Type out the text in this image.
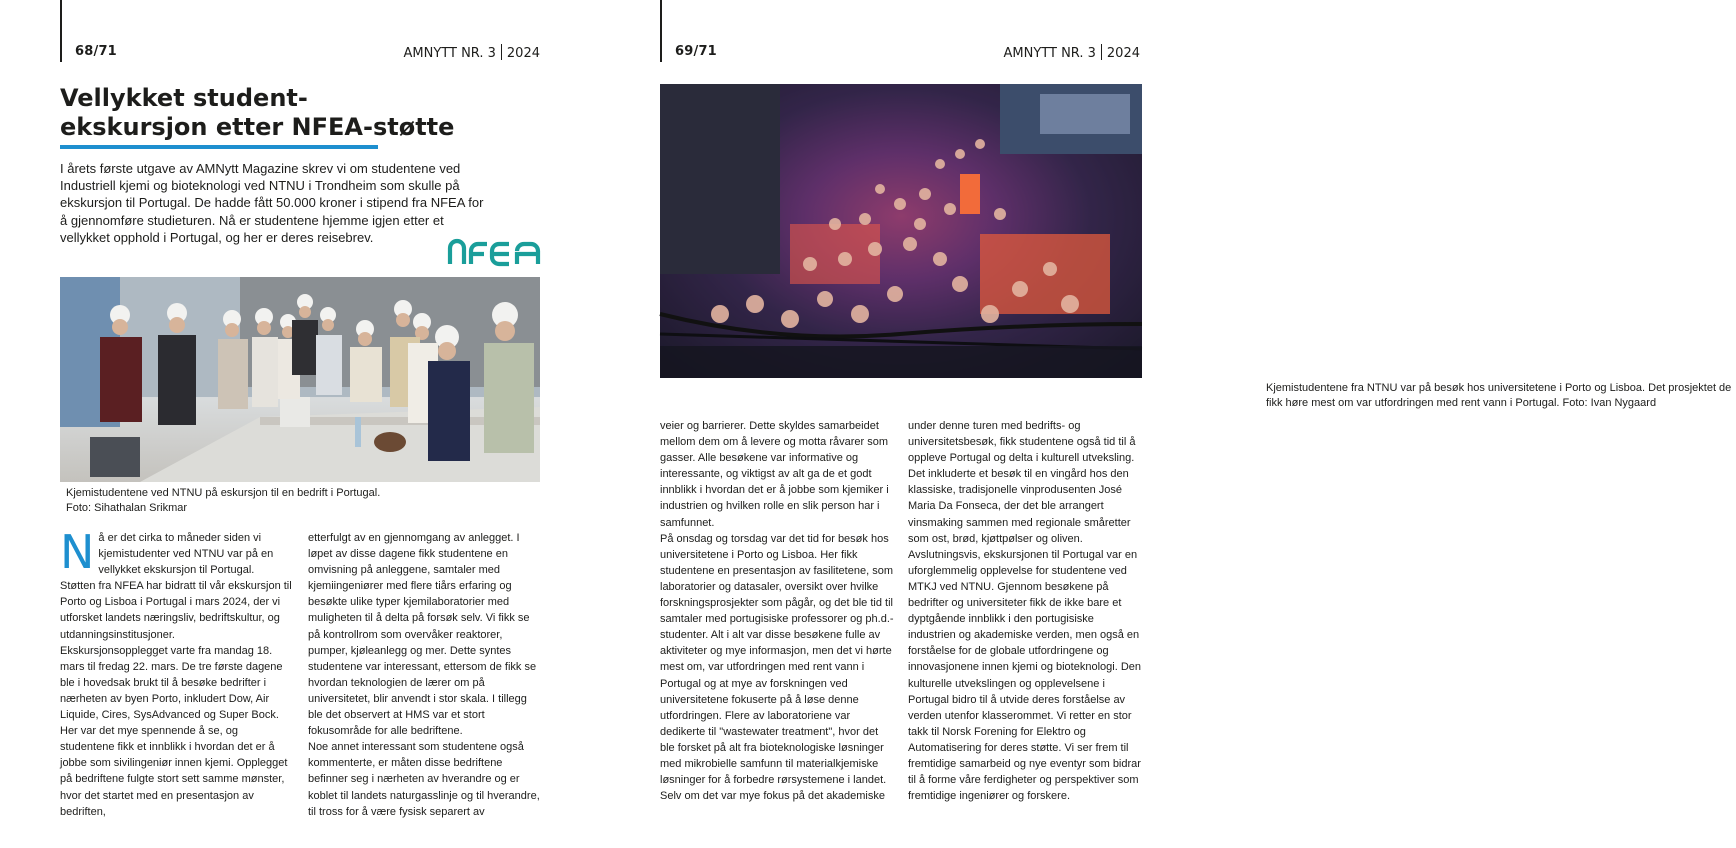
68/71	AMNYTT NR. 3 2024
Vellykket student-
ekskursjon etter NFEA-støtte

I årets første utgave av AMNytt Magazine skrev vi om studentene ved Industriell kjemi og bioteknologi ved NTNU i Trondheim som skulle på ekskursjon til Portugal. De hadde fått 50.000 kroner i stipend fra NFEA for å gjennomføre studieturen. Nå er studentene hjemme igjen etter et vellykket opphold i Portugal, og her er deres reisebrev.

Kjemistudentene ved NTNU på eskursjon til en bedrift i Portugal.
Foto: Sihathalan Srikmar

Nå er det cirka to måneder siden vi kjemistudenter ved NTNU var på en vellykket ekskursjon til Portugal. Støtten fra NFEA har bidratt til vår ekskursjon til Porto og Lisboa i Portugal i mars 2024, der vi utforsket landets næringsliv, bedriftskultur, og utdanningsinstitusjoner.

Ekskursjonsopplegget varte fra mandag 18. mars til fredag 22. mars. De tre første dagene ble i hovedsak brukt til å besøke bedrifter i nærheten av byen Porto, inkludert Dow, Air Liquide, Cires, SysAdvanced og Super Bock. Her var det mye spennende å se, og studentene fikk et innblikk i hvordan det er å jobbe som sivilingeniør innen kjemi. Opplegget på bedriftene fulgte stort sett samme mønster, hvor det startet med en presentasjon av bedriften,

etterfulgt av en gjennomgang av anlegget. I løpet av disse dagene fikk studentene en omvisning på anleggene, samtaler med kjemiingeniører med flere tiårs erfaring og besøkte ulike typer kjemilaboratorier med muligheten til å delta på forsøk selv. Vi fikk se på kontrollrom som overvåker reaktorer, pumper, kjøleanlegg og mer. Dette syntes studentene var interessant, ettersom de fikk se hvordan teknologien de lærer om på universitetet, blir anvendt i stor skala. I tillegg ble det observert at HMS var et stort fokusområde for alle bedriftene.

Noe annet interessant som studentene også kommenterte, er måten disse bedriftene befinner seg i nærheten av hverandre og er koblet til landets naturgasslinje og til hverandre, til tross for å være fysisk separert av

69/71	AMNYTT NR. 3 2024

Kjemistudentene fra NTNU var på besøk hos universitetene i Porto og Lisboa. Det prosjektet de fikk høre mest om var utfordringen med rent vann i Portugal. Foto: Ivan Nygaard

veier og barrierer. Dette skyldes samarbeidet mellom dem om å levere og motta råvarer som gasser. Alle besøkene var informative og interessante, og viktigst av alt ga de et godt innblikk i hvordan det er å jobbe som kjemiker i industrien og hvilken rolle en slik person har i samfunnet.

På onsdag og torsdag var det tid for besøk hos universitetene i Porto og Lisboa. Her fikk studentene en presentasjon av fasilitetene, som laboratorier og datasaler, oversikt over hvilke forskningsprosjekter som pågår, og det ble tid til samtaler med portugisiske professorer og ph.d.-studenter. Alt i alt var disse besøkene fulle av aktiviteter og mye informasjon, men det vi hørte mest om, var utfordringen med rent vann i Portugal og at mye av forskningen ved universitetene fokuserte på å løse denne utfordringen. Flere av laboratoriene var dedikerte til "wastewater treatment", hvor det ble forsket på alt fra bioteknologiske løsninger med mikrobielle samfunn til materialkjemiske løsninger for å forbedre rørsystemene i landet.

Selv om det var mye fokus på det akademiske

under denne turen med bedrifts- og universitetsbesøk, fikk studentene også tid til å oppleve Portugal og delta i kulturell utveksling. Det inkluderte et besøk til en vingård hos den klassiske, tradisjonelle vinprodusenten José Maria Da Fonseca, der det ble arrangert vinsmaking sammen med regionale småretter som ost, brød, kjøttpølser og oliven.

Avslutningsvis, ekskursjonen til Portugal var en uforglemmelig opplevelse for studentene ved MTKJ ved NTNU. Gjennom besøkene på bedrifter og universiteter fikk de ikke bare et dyptgående innblikk i den portugisiske industrien og akademiske verden, men også en forståelse for de globale utfordringene og innovasjonene innen kjemi og bioteknologi. Den kulturelle utvekslingen og opplevelsene i Portugal bidro til å utvide deres forståelse av verden utenfor klasserommet. Vi retter en stor takk til Norsk Forening for Elektro og Automatisering for deres støtte. Vi ser frem til fremtidige samarbeid og nye eventyr som bidrar til å forme våre ferdigheter og perspektiver som fremtidige ingeniører og forskere.
